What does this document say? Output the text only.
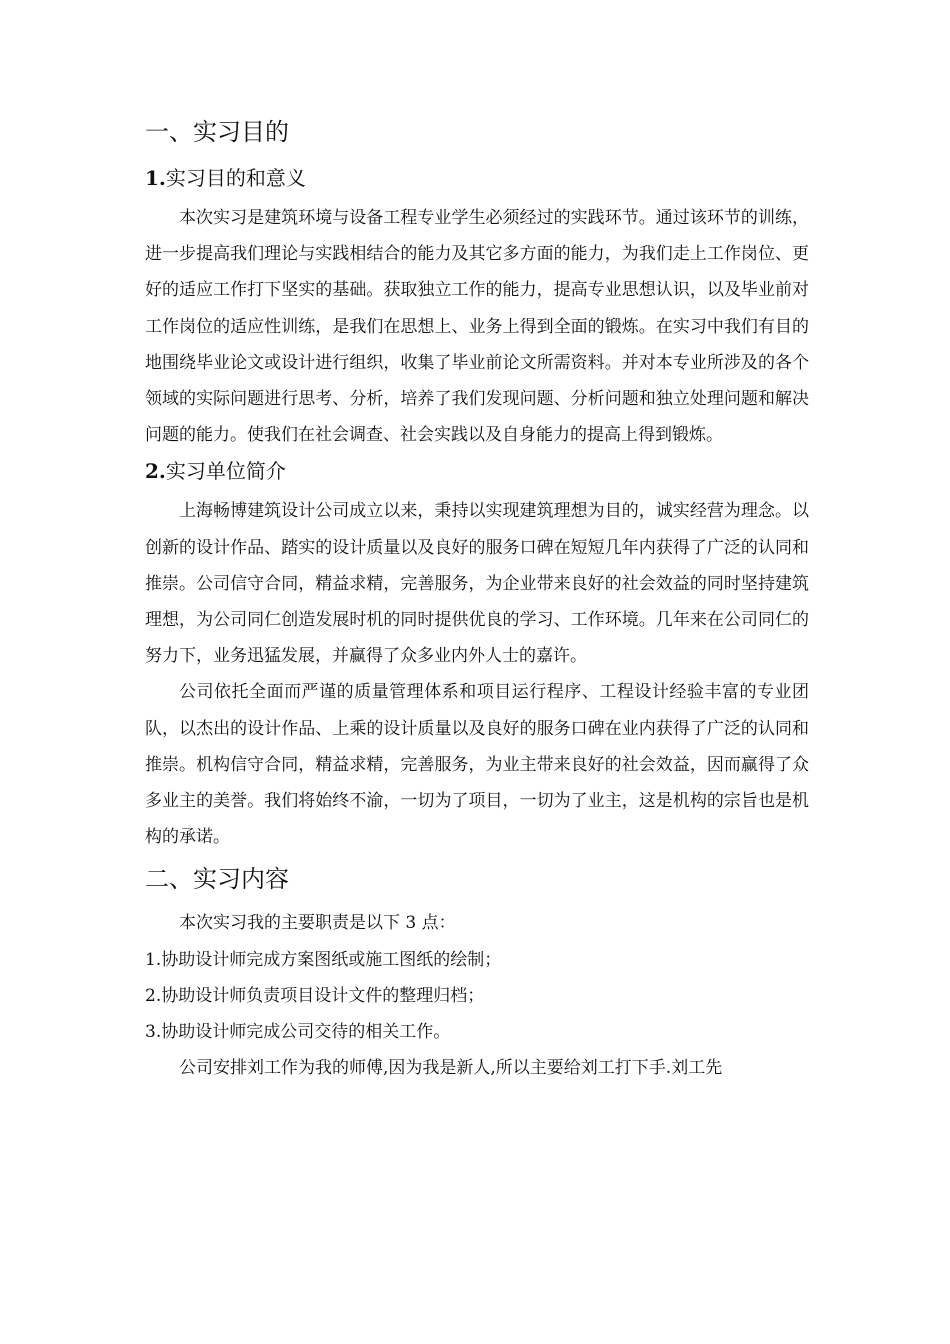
一、实习目的
1.实习目的和意义

本次实习是建筑环境与设备工程专业学生必须经过的实践环节。通过该环节的训练，进一步提高我们理论与实践相结合的能力及其它多方面的能力，为我们走上工作岗位、更好的适应工作打下坚实的基础。获取独立工作的能力，提高专业思想认识，以及毕业前对工作岗位的适应性训练，是我们在思想上、业务上得到全面的锻炼。在实习中我们有目的地围绕毕业论文或设计进行组织，收集了毕业前论文所需资料。并对本专业所涉及的各个领域的实际问题进行思考、分析，培养了我们发现问题、分析问题和独立处理问题和解决问题的能力。使我们在社会调查、社会实践以及自身能力的提高上得到锻炼。

2.实习单位简介

上海畅博建筑设计公司成立以来，秉持以实现建筑理想为目的，诚实经营为理念。以创新的设计作品、踏实的设计质量以及良好的服务口碑在短短几年内获得了广泛的认同和推崇。公司信守合同，精益求精，完善服务，为企业带来良好的社会效益的同时坚持建筑理想，为公司同仁创造发展时机的同时提供优良的学习、工作环境。几年来在公司同仁的努力下，业务迅猛发展，并赢得了众多业内外人士的嘉许。

公司依托全面而严谨的质量管理体系和项目运行程序、工程设计经验丰富的专业团队，以杰出的设计作品、上乘的设计质量以及良好的服务口碑在业内获得了广泛的认同和推崇。机构信守合同，精益求精，完善服务，为业主带来良好的社会效益，因而赢得了众多业主的美誉。我们将始终不渝，一切为了项目，一切为了业主，这是机构的宗旨也是机构的承诺。

二、实习内容

本次实习我的主要职责是以下 3 点：

1.协助设计师完成方案图纸或施工图纸的绘制；

2.协助设计师负责项目设计文件的整理归档；

3.协助设计师完成公司交待的相关工作。

公司安排刘工作为我的师傅,因为我是新人,所以主要给刘工打下手.刘工先
